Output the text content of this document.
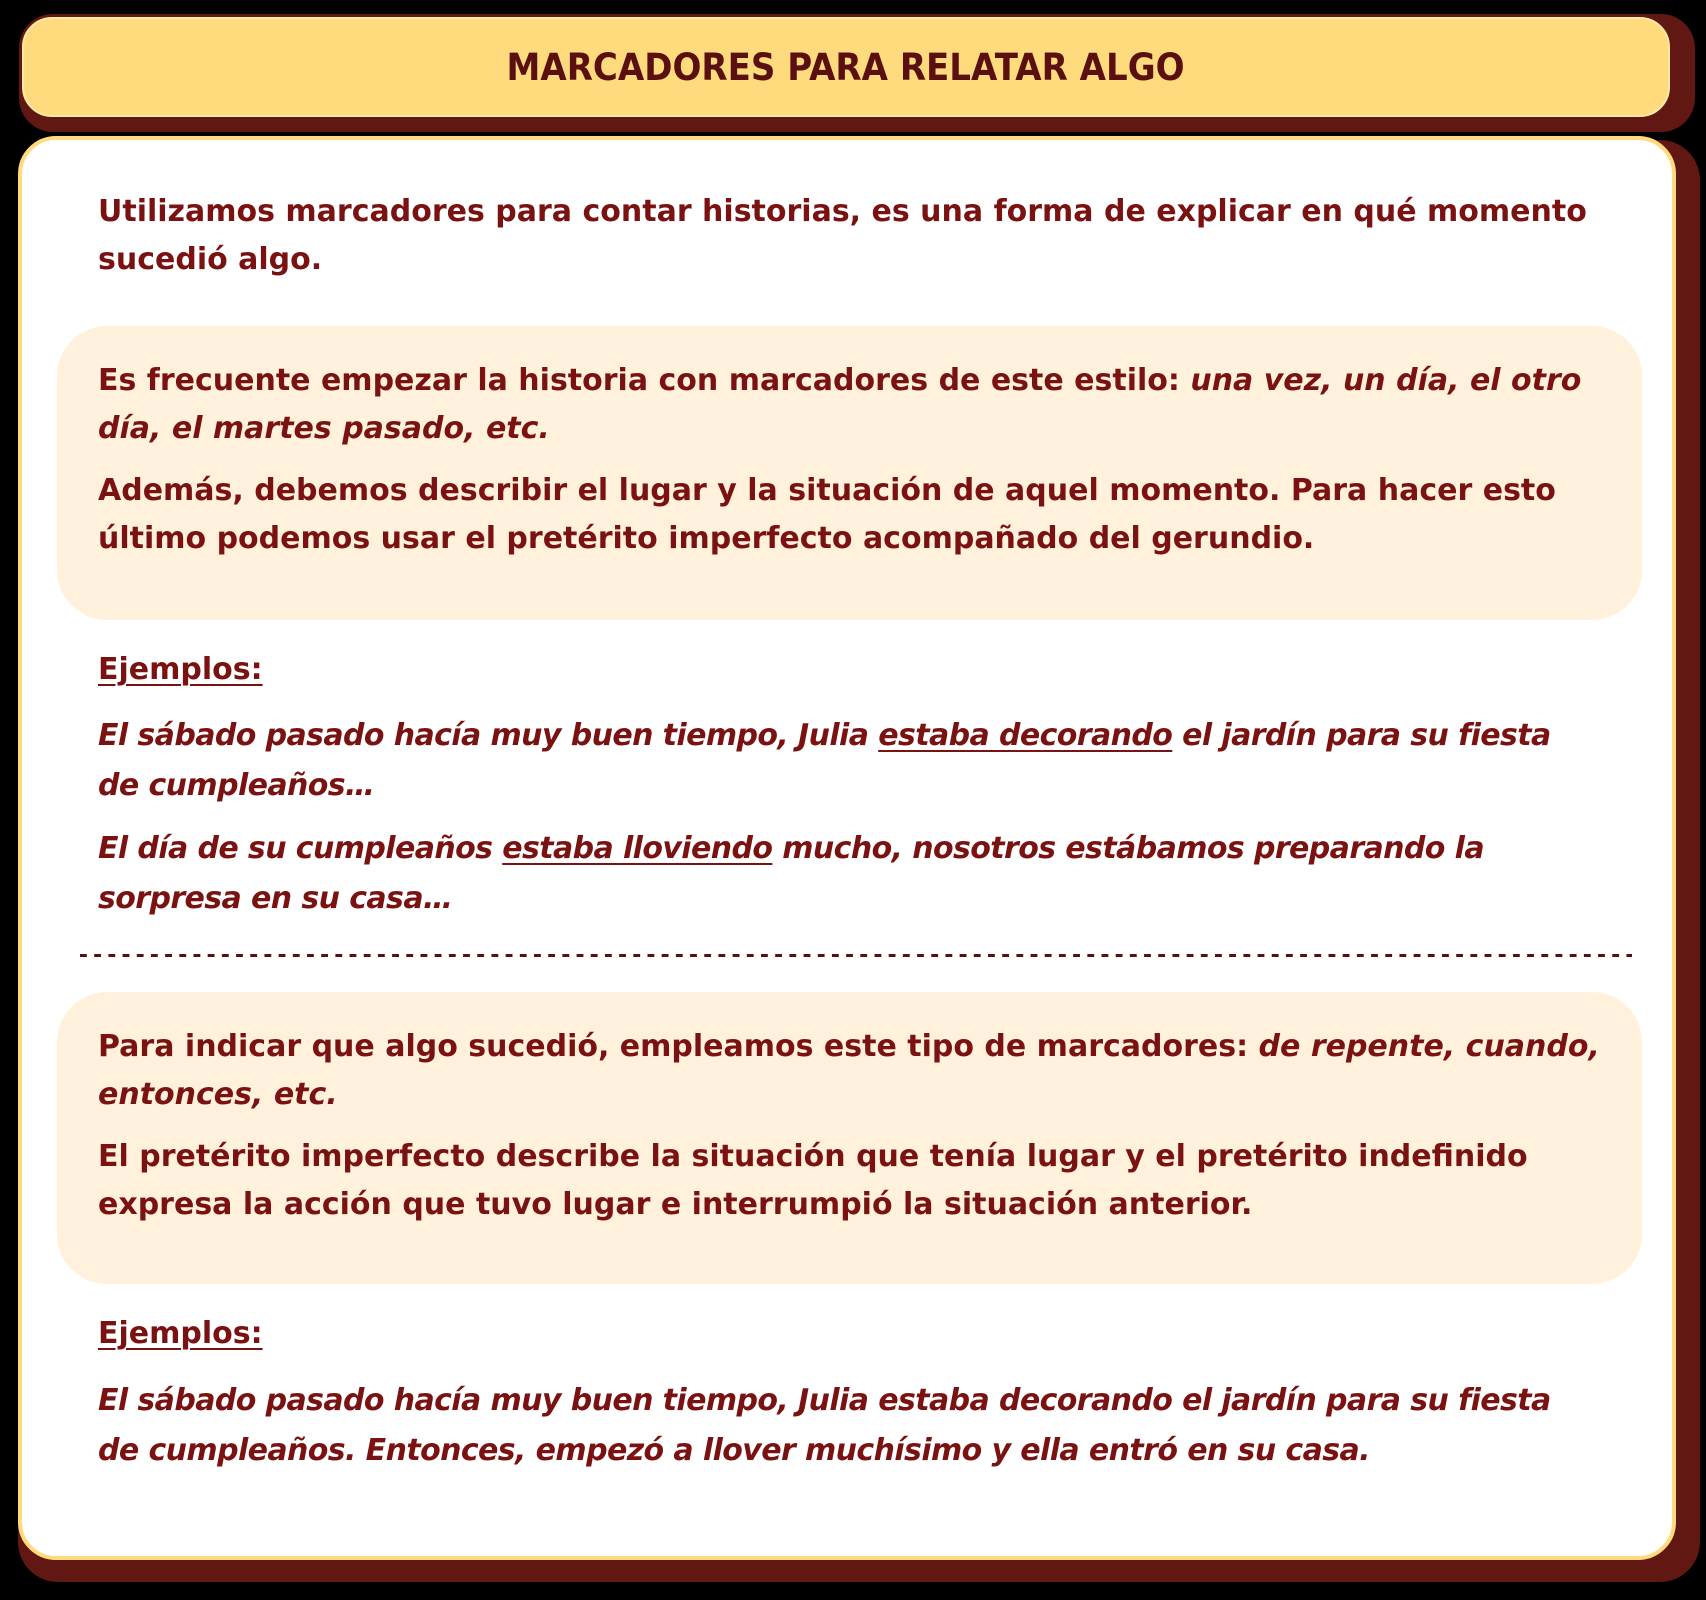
MARCADORES PARA RELATAR ALGO
Utilizamos marcadores para contar historias, es una forma de explicar en qué momento sucedió algo.

Es frecuente empezar la historia con marcadores de este estilo: una vez, un día, el otro día, el martes pasado, etc.

Además, debemos describir el lugar y la situación de aquel momento. Para hacer esto último podemos usar el pretérito imperfecto acompañado del gerundio.

Ejemplos:
El sábado pasado hacía muy buen tiempo, Julia estaba decorando el jardín para su fiesta de cumpleaños…
El día de su cumpleaños estaba lloviendo mucho, nosotros estábamos preparando la sorpresa en su casa…

Para indicar que algo sucedió, empleamos este tipo de marcadores: de repente, cuando, entonces, etc.

El pretérito imperfecto describe la situación que tenía lugar y el pretérito indefinido expresa la acción que tuvo lugar e interrumpió la situación anterior.

Ejemplos:
El sábado pasado hacía muy buen tiempo, Julia estaba decorando el jardín para su fiesta de cumpleaños. Entonces, empezó a llover muchísimo y ella entró en su casa.
